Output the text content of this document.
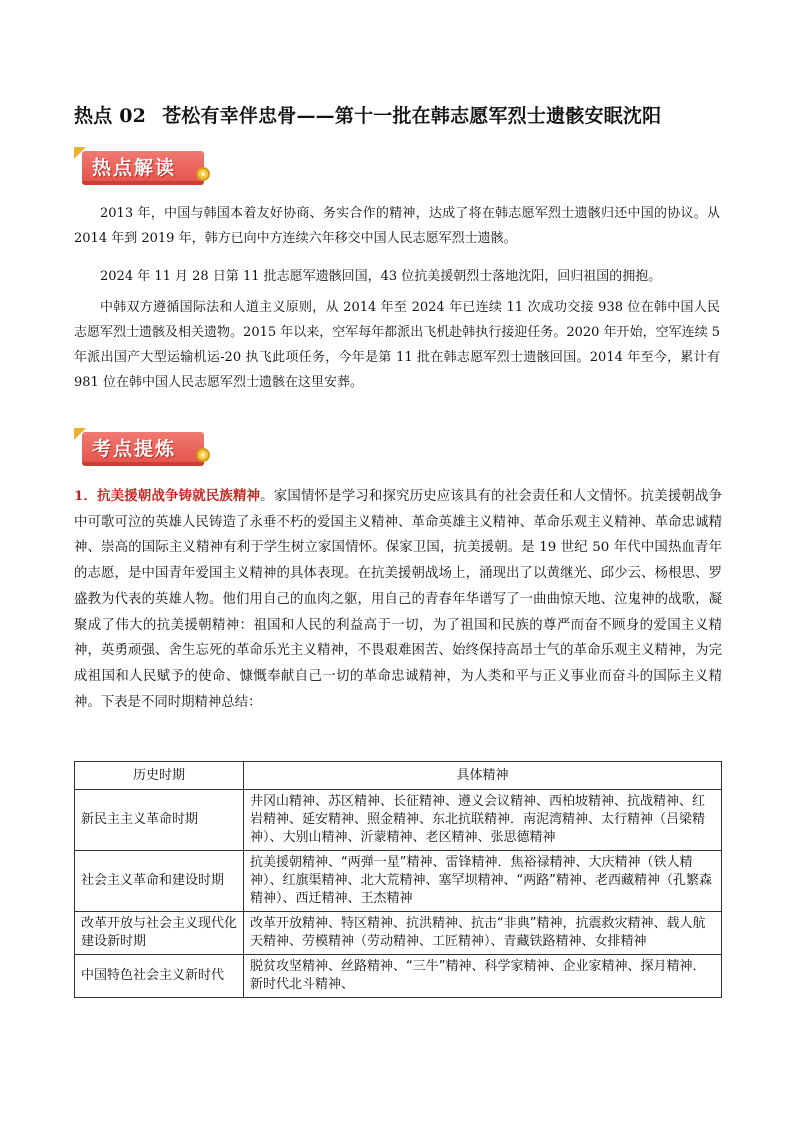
热点 02 苍松有幸伴忠骨——第十一批在韩志愿军烈士遗骸安眠沈阳
热点解读

2013 年，中国与韩国本着友好协商、务实合作的精神，达成了将在韩志愿军烈士遗骸归还中国的协议。从 2014 年到 2019 年，韩方已向中方连续六年移交中国人民志愿军烈士遗骸。

2024 年 11 月 28 日第 11 批志愿军遗骸回国，43 位抗美援朝烈士落地沈阳，回归祖国的拥抱。

中韩双方遵循国际法和人道主义原则，从 2014 年至 2024 年已连续 11 次成功交接 938 位在韩中国人民志愿军烈士遗骸及相关遗物。2015 年以来，空军每年都派出飞机赴韩执行接迎任务。2020 年开始，空军连续 5 年派出国产大型运输机运-20 执飞此项任务，今年是第 11 批在韩志愿军烈士遗骸回国。2014 年至今，累计有 981 位在韩中国人民志愿军烈士遗骸在这里安葬。

考点提炼

1．抗美援朝战争铸就民族精神。家国情怀是学习和探究历史应该具有的社会责任和人文情怀。抗美援朝战争中可歌可泣的英雄人民铸造了永垂不朽的爱国主义精神、革命英雄主义精神、革命乐观主义精神、革命忠诚精神、崇高的国际主义精神有利于学生树立家国情怀。保家卫国，抗美援朝。是 19 世纪 50 年代中国热血青年的志愿，是中国青年爱国主义精神的具体表现。在抗美援朝战场上，涌现出了以黄继光、邱少云、杨根思、罗盛教为代表的英雄人物。他们用自己的血肉之躯，用自己的青春年华谱写了一曲曲惊天地、泣鬼神的战歌，凝聚成了伟大的抗美援朝精神：祖国和人民的利益高于一切，为了祖国和民族的尊严而奋不顾身的爱国主义精神，英勇顽强、舍生忘死的革命乐光主义精神，不畏艰难困苦、始终保持高昂士气的革命乐观主义精神，为完成祖国和人民赋予的使命、慷慨奉献自己一切的革命忠诚精神，为人类和平与正义事业而奋斗的国际主义精神。下表是不同时期精神总结：

历史时期	具体精神
新民主主义革命时期	井冈山精神、苏区精神、长征精神、遵义会议精神、西柏坡精神、抗战精神、红岩精神、延安精神、照金精神、东北抗联精神．南泥湾精神、太行精神（吕梁精神）、大别山精神、沂蒙精神、老区精神、张思德精神
社会主义革命和建设时期	抗美援朝精神、“两弹一星”精神、雷锋精神．焦裕禄精神、大庆精神（铁人精神）、红旗渠精神、北大荒精神、塞罕坝精神、“两路”精神、老西藏精神（孔繁森精神）、西迁精神、王杰精神
改革开放与社会主义现代化建设新时期	改革开放精神、特区精神、抗洪精神、抗击“非典”精神，抗震救灾精神、载人航天精神、劳模精神（劳动精神、工匠精神）、青藏铁路精神、女排精神
中国特色社会主义新时代	脱贫攻坚精神、丝路精神、“三牛”精神、科学家精神、企业家精神、探月精神．新时代北斗精神、
